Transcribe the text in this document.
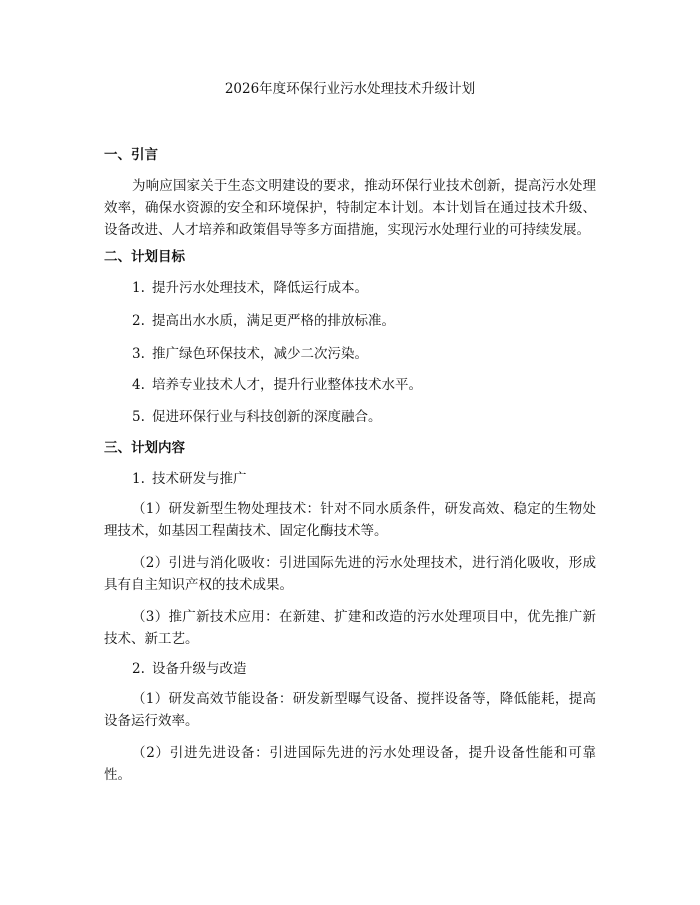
2026年度环保行业污水处理技术升级计划
一、引言

为响应国家关于生态文明建设的要求，推动环保行业技术创新，提高污水处理效率，确保水资源的安全和环境保护，特制定本计划。本计划旨在通过技术升级、设备改进、人才培养和政策倡导等多方面措施，实现污水处理行业的可持续发展。

二、计划目标
1. 提升污水处理技术，降低运行成本。
2. 提高出水水质，满足更严格的排放标准。
3. 推广绿色环保技术，减少二次污染。
4. 培养专业技术人才，提升行业整体技术水平。
5. 促进环保行业与科技创新的深度融合。
三、计划内容
1. 技术研发与推广

（1）研发新型生物处理技术：针对不同水质条件，研发高效、稳定的生物处理技术，如基因工程菌技术、固定化酶技术等。

（2）引进与消化吸收：引进国际先进的污水处理技术，进行消化吸收，形成具有自主知识产权的技术成果。

（3）推广新技术应用：在新建、扩建和改造的污水处理项目中，优先推广新技术、新工艺。

2. 设备升级与改造

（1）研发高效节能设备：研发新型曝气设备、搅拌设备等，降低能耗，提高设备运行效率。

（2）引进先进设备：引进国际先进的污水处理设备，提升设备性能和可靠性。
